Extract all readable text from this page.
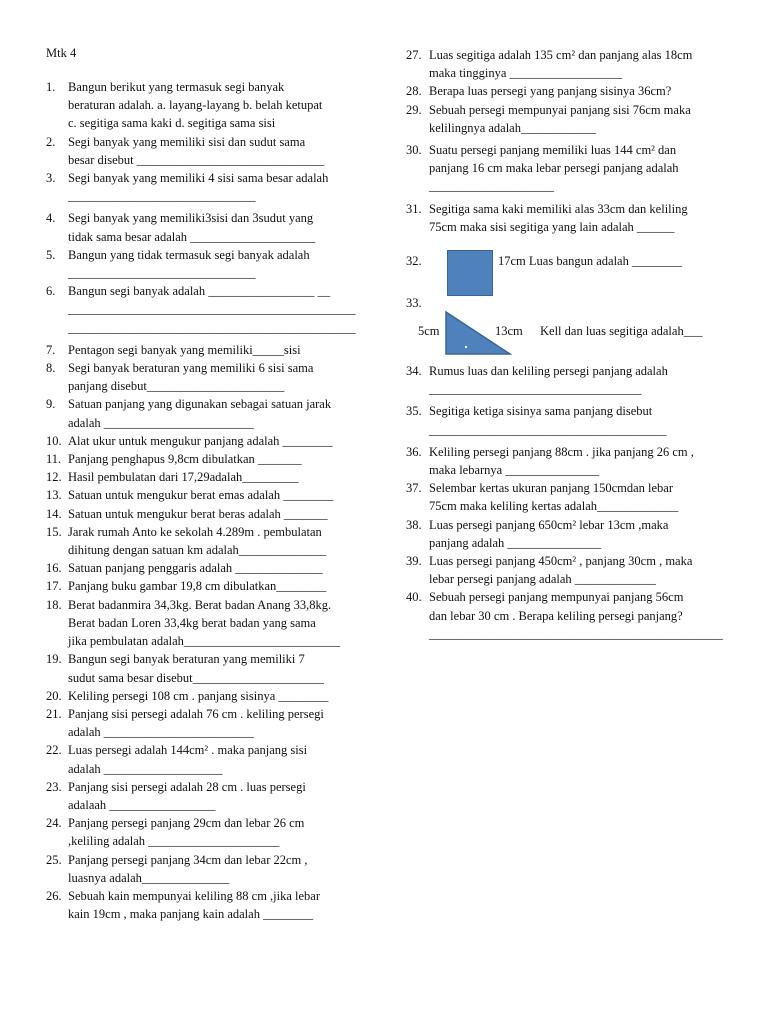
Mtk 4
1.	Bangun berikut yang termasuk segi banyak
beraturan adalah. a. layang-layang b. belah ketupat
c. segitiga sama kaki d. segitiga sama sisi
2.	Segi banyak yang memiliki sisi dan sudut sama
besar disebut ______________________________
3.	Segi banyak yang memiliki 4 sisi sama besar adalah
______________________________
4.	Segi banyak yang memiliki3sisi dan 3sudut yang
tidak sama besar adalah ____________________
5.	Bangun yang tidak termasuk segi banyak adalah
______________________________
6.	Bangun segi banyak adalah _________________ __
______________________________________________
______________________________________________
7.	Pentagon segi banyak yang memiliki_____sisi
8.	Segi banyak beraturan yang memiliki 6 sisi sama
panjang disebut______________________
9.	Satuan panjang yang digunakan sebagai satuan jarak
adalah ________________________
10. Alat ukur untuk mengukur panjang adalah ________
11. Panjang penghapus 9,8cm dibulatkan _______
12. Hasil pembulatan dari 17,29adalah_________
13. Satuan untuk mengukur berat emas adalah ________
14. Satuan untuk mengukur berat beras adalah _______
15. Jarak rumah Anto ke sekolah 4.289m . pembulatan
dihitung dengan satuan km adalah______________
16. Satuan panjang penggaris adalah ______________
17. Panjang buku gambar 19,8 cm dibulatkan________
18. Berat badanmira 34,3kg. Berat badan Anang 33,8kg.
Berat badan Loren 33,4kg berat badan yang sama
jika pembulatan adalah_________________________
19. Bangun segi banyak beraturan yang memiliki 7
sudut sama besar disebut_____________________
20. Keliling persegi 108 cm . panjang sisinya ________
21. Panjang sisi persegi adalah 76 cm . keliling persegi
adalah ________________________
22. Luas persegi adalah 144cm² . maka panjang sisi
adalah ___________________
23. Panjang sisi persegi adalah 28 cm . luas persegi
adalaah _________________
24. Panjang persegi panjang 29cm dan lebar 26 cm
,keliling adalah _____________________
25. Panjang persegi panjang 34cm dan lebar 22cm ,
luasnya adalah______________
26. Sebuah kain mempunyai keliling 88 cm ,jika lebar
kain 19cm , maka panjang kain adalah ________
27. Luas segitiga adalah 135 cm² dan panjang alas 18cm
maka tingginya __________________
28. Berapa luas persegi yang panjang sisinya 36cm?
29. Sebuah persegi mempunyai panjang sisi 76cm maka
kelilingnya adalah____________
30. Suatu persegi panjang memiliki luas 144 cm² dan
panjang 16 cm maka lebar persegi panjang adalah
____________________
31. Segitiga sama kaki memiliki alas 33cm dan keliling
75cm maka sisi segitiga yang lain adalah ______
32.	17cm Luas bangun adalah ________
33.
5cm	13cm Kell dan luas segitiga adalah___
34. Rumus luas dan keliling persegi panjang adalah
__________________________________
35. Segitiga ketiga sisinya sama panjang disebut
______________________________________
36. Keliling persegi panjang 88cm . jika panjang 26 cm ,
maka lebarnya _______________
37. Selembar kertas ukuran panjang 150cmdan lebar
75cm maka keliling kertas adalah_____________
38. Luas persegi panjang 650cm² lebar 13cm ,maka
panjang adalah _______________
39. Luas persegi panjang 450cm² , panjang 30cm , maka
lebar persegi panjang adalah _____________
40. Sebuah persegi panjang mempunyai panjang 56cm
dan lebar 30 cm . Berapa keliling persegi panjang?
_______________________________________________
